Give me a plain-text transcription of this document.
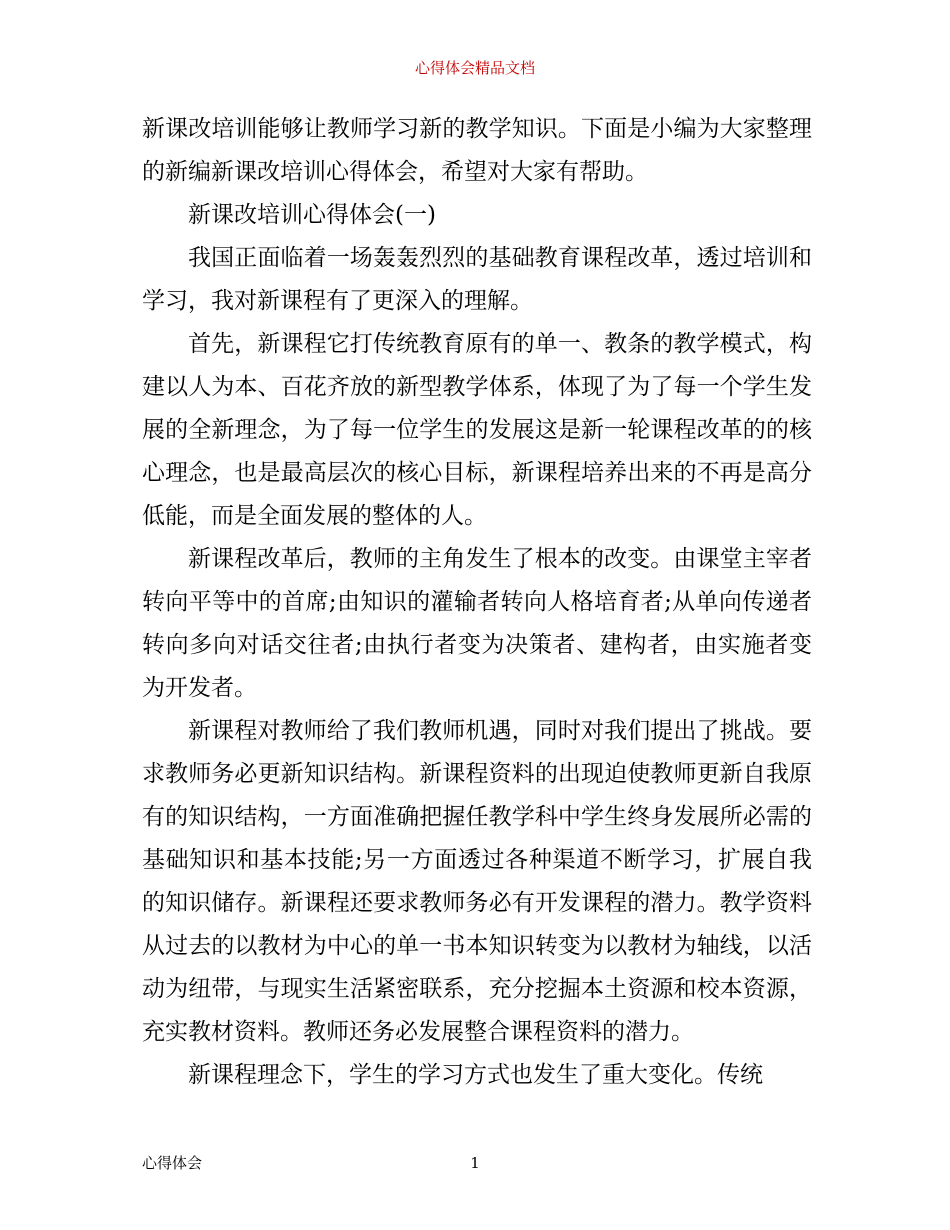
心得体会精品文档

新课改培训能够让教师学习新的教学知识。下面是小编为大家整理的新编新课改培训心得体会，希望对大家有帮助。

新课改培训心得体会(一)

我国正面临着一场轰轰烈烈的基础教育课程改革，透过培训和学习，我对新课程有了更深入的理解。

首先，新课程它打传统教育原有的单一、教条的教学模式，构建以人为本、百花齐放的新型教学体系，体现了为了每一个学生发展的全新理念，为了每一位学生的发展这是新一轮课程改革的的核心理念，也是最高层次的核心目标，新课程培养出来的不再是高分低能，而是全面发展的整体的人。

新课程改革后，教师的主角发生了根本的改变。由课堂主宰者转向平等中的首席;由知识的灌输者转向人格培育者;从单向传递者转向多向对话交往者;由执行者变为决策者、建构者，由实施者变为开发者。

新课程对教师给了我们教师机遇，同时对我们提出了挑战。要求教师务必更新知识结构。新课程资料的出现迫使教师更新自我原有的知识结构，一方面准确把握任教学科中学生终身发展所必需的基础知识和基本技能;另一方面透过各种渠道不断学习，扩展自我的知识储存。新课程还要求教师务必有开发课程的潜力。教学资料从过去的以教材为中心的单一书本知识转变为以教材为轴线，以活动为纽带，与现实生活紧密联系，充分挖掘本土资源和校本资源，充实教材资料。教师还务必发展整合课程资料的潜力。

新课程理念下，学生的学习方式也发生了重大变化。传统

心得体会	1
